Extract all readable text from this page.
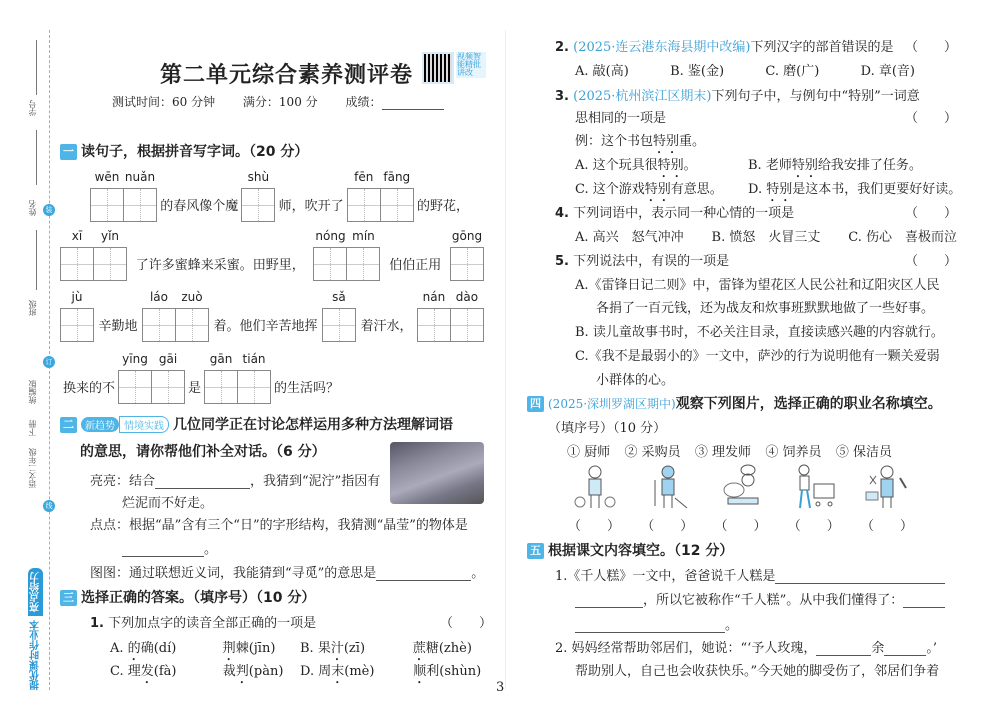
学号
姓名
班级
装
订
线
统编版
下册
语文二年级
提优课时作业本
亮点给力
第二单元综合素养测评卷
视频智能精批讲改
测试时间：60 分钟   满分：100 分   成绩：
一 读句子，根据拼音写字词。（20 分）
wēn nuǎn
的春风像个魔
shù
师，吹开了
fēn fāng
的野花，
xī	yǐn
了许多蜜蜂来采蜜。田野里，
nóng mín
伯伯正用
gōng
jù
辛勤地
láo	zuò
着。他们辛苦地挥
sǎ
着汗水，
nán dào
换来的不
yīng gāi
是
gān tián
的生活吗？
二 新趋势 情境实践 几位同学正在讨论怎样运用多种方法理解词语
的意思，请你帮他们补全对话。（6 分）
亮亮：结合	，我猜到“泥泞”指因有
烂泥而不好走。
点点：根据“晶”含有三个“日”的字形结构，我猜测“晶莹”的物体是
。
图图：通过联想近义词，我能猜到“寻觅”的意思是	。
三 选择正确的答案。（填序号）（10 分）
1. 下列加点字的读音全部正确的一项是	（　　）
A. 的确(dí)	荆棘(jīn)	B. 果汁(zī)	蔗糖(zhè)
C. 理发(fà)	裁判(pàn)	D. 周末(mè)	顺利(shùn)
2. (2025·连云港东海县期中改编)下列汉字的部首错误的是 （　　）
A. 敲(高)	B. 鉴(金)	C. 磨(广)	D. 章(音)
3. (2025·杭州滨江区期末)下列句子中，与例句中“特别”一词意
思相同的一项是	（　　）
例：这个书包特别重。
A. 这个玩具很特别。	B. 老师特别给我安排了任务。
C. 这个游戏特别有意思。 D. 特别是这本书，我们更要好好读。
4. 下列词语中，表示同一种心情的一项是	（　　）
A. 高兴　怒气冲冲 B. 愤怒　火冒三丈 C. 伤心　喜极而泣
5. 下列说法中，有误的一项是	（　　）
A.《雷锋日记二则》中，雷锋为望花区人民公社和辽阳灾区人民
各捐了一百元钱，还为战友和炊事班默默地做了一些好事。
B. 读儿童故事书时，不必关注目录，直接读感兴趣的内容就行。
C.《我不是最弱小的》一文中，萨沙的行为说明他有一颗关爱弱
小群体的心。
四 (2025·深圳罗湖区期中)观察下列图片，选择正确的职业名称填空。
（填序号）（10 分）
① 厨师 ② 采购员 ③ 理发师 ④ 饲养员 ⑤ 保洁员
（　　） （　　） （　　） （　　） （　　）
五 根据课文内容填空。（12 分）
1.《千人糕》一文中，爸爸说千人糕是
，所以它被称作“千人糕”。从中我们懂得了：
。
2. 妈妈经常帮助邻居们，她说：“‘予人玫瑰，	余	。’
帮助别人，自己也会收获快乐。”今天她的脚受伤了，邻居们争着
3
